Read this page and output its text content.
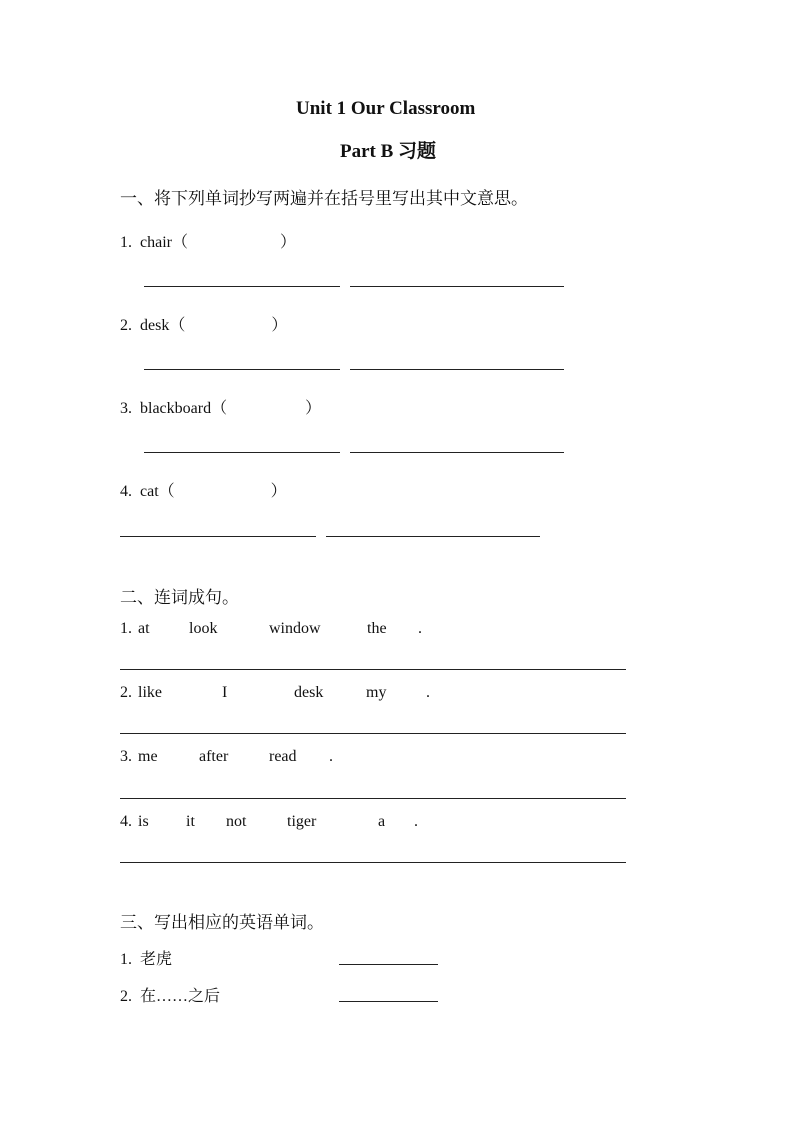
Unit 1 Our Classroom
Part B 习题
一、将下列单词抄写两遍并在括号里写出其中文意思。
1. chair（	）
2. desk（	）
3. blackboard（	）
4. cat（	）
二、连词成句。
1. at look	window	the .
2. like	I	desk	my .
3. me	after	read .
4. is it not	tiger	a .
三、写出相应的英语单词。
1. 老虎
2. 在……之后
